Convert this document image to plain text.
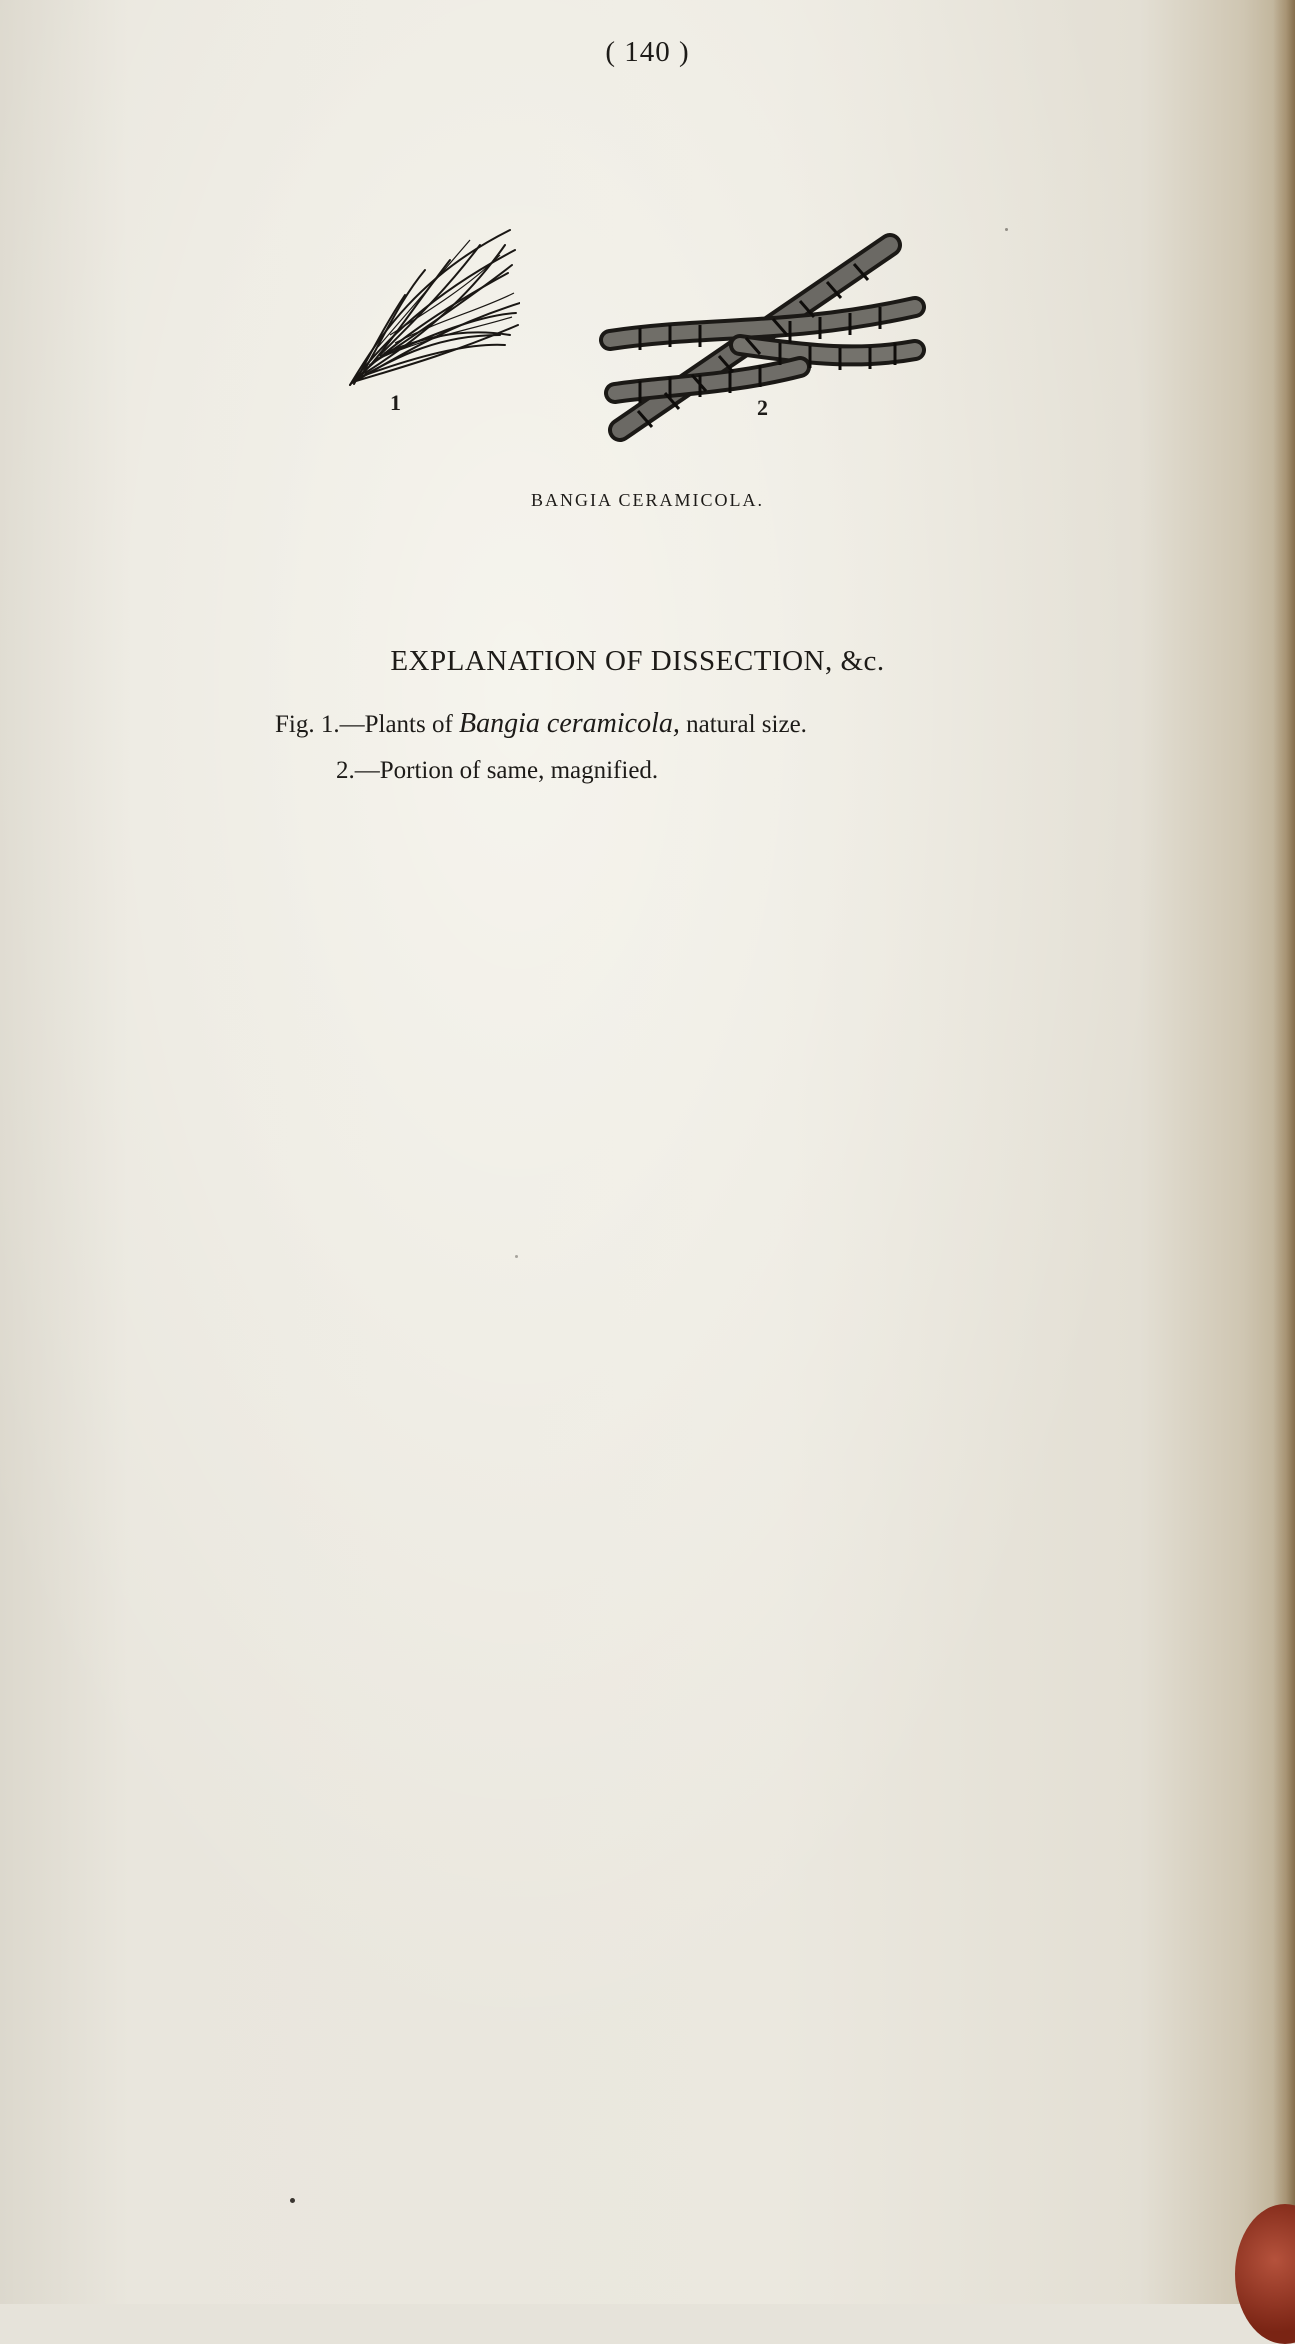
( 140 )
1	2
BANGIA CERAMICOLA.
EXPLANATION OF DISSECTION, &c.
Fig. 1.—Plants of Bangia ceramicola, natural size.
2.—Portion of same, magnified.
